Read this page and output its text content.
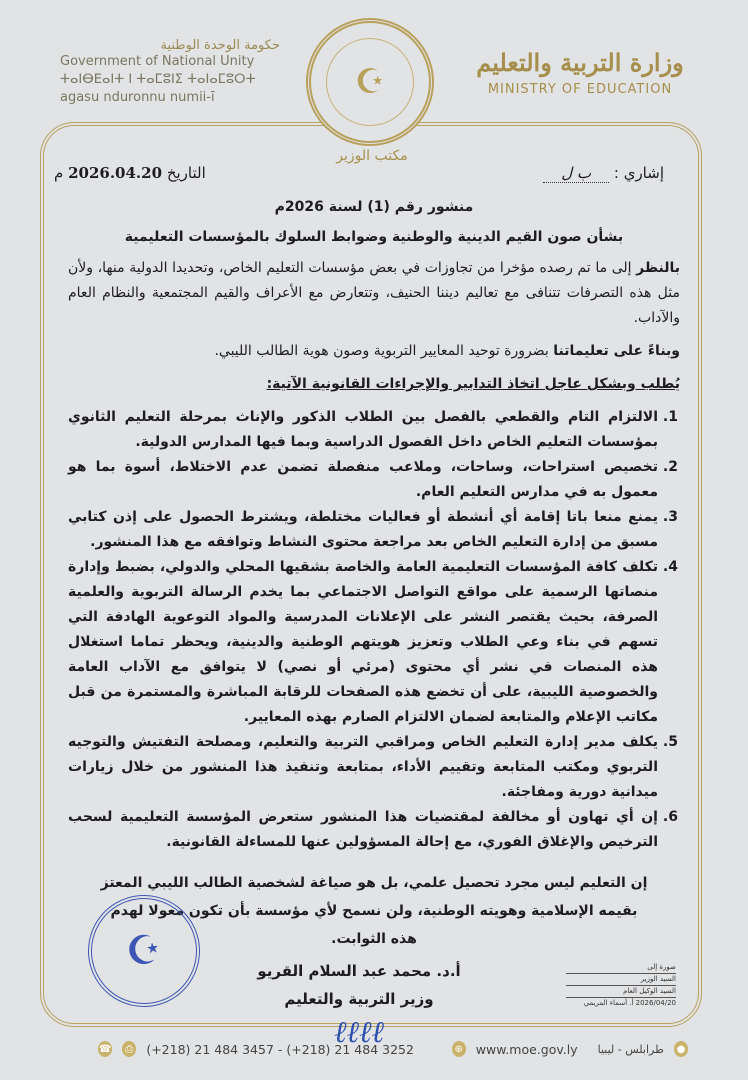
حكومة الوحدة الوطنية
Government of National Unity
ⵜⴰⵏⴱⴹⴰⵏⵜ ⵏ ⵜⴰⵎⵓⵏⵉ ⵜⴰⵏⴰⵎⵓⵔⵜ
agasu nduronnu numii-ī	☪
مكتب الوزير
وزارة التربية والتعليم
MINISTRY OF EDUCATION
إشاري : ب ل
التاريخ 2026.04.20 م
منشور رقم (1) لسنة 2026م
بشأن صون القيم الدينية والوطنية وضوابط السلوك بالمؤسسات التعليمية
بالنظر إلى ما تم رصده مؤخرا من تجاوزات في بعض مؤسسات التعليم الخاص، وتحديدا الدولية منها، ولأن مثل هذه التصرفات تتنافى مع تعاليم ديننا الحنيف، وتتعارض مع الأعراف والقيم المجتمعية والنظام العام والآداب.
وبناءً على تعليماتنا بضرورة توحيد المعايير التربوية وصون هوية الطالب الليبي.
يُطلب وبشكل عاجل اتخاذ التدابير والإجراءات القانونية الآتية:
1. الالتزام التام والقطعي بالفصل بين الطلاب الذكور والإناث بمرحلة التعليم الثانوي بمؤسسات التعليم الخاص داخل الفصول الدراسية وبما فيها المدارس الدولية.
2. تخصيص استراحات، وساحات، وملاعب منفصلة تضمن عدم الاختلاط، أسوة بما هو معمول به في مدارس التعليم العام.
3. يمنع منعا باتا إقامة أي أنشطة أو فعاليات مختلطة، ويشترط الحصول على إذن كتابي مسبق من إدارة التعليم الخاص بعد مراجعة محتوى النشاط وتوافقه مع هذا المنشور.
4. تكلف كافة المؤسسات التعليمية العامة والخاصة بشقيها المحلي والدولي، بضبط وإدارة منصاتها الرسمية على مواقع التواصل الاجتماعي بما يخدم الرسالة التربوية والعلمية الصرفة، بحيث يقتصر النشر على الإعلانات المدرسية والمواد التوعوية الهادفة التي تسهم في بناء وعي الطلاب وتعزيز هويتهم الوطنية والدينية، ويحظر تماما استغلال هذه المنصات في نشر أي محتوى (مرئي أو نصي) لا يتوافق مع الآداب العامة والخصوصية الليبية، على أن تخضع هذه الصفحات للرقابة المباشرة والمستمرة من قبل مكاتب الإعلام والمتابعة لضمان الالتزام الصارم بهذه المعايير.
5. يكلف مدير إدارة التعليم الخاص ومراقبي التربية والتعليم، ومصلحة التفتيش والتوجيه التربوي ومكتب المتابعة وتقييم الأداء، بمتابعة وتنفيذ هذا المنشور من خلال زيارات ميدانية دورية ومفاجئة.
6. إن أي تهاون أو مخالفة لمقتضيات هذا المنشور ستعرض المؤسسة التعليمية لسحب الترخيص والإغلاق الفوري، مع إحالة المسؤولين عنها للمساءلة القانونية.
إن التعليم ليس مجرد تحصيل علمي، بل هو صياغة لشخصية الطالب الليبي المعتز بقيمه الإسلامية وهويته الوطنية، ولن نسمح لأي مؤسسة بأن تكون معولا لهدم هذه الثوابت.
أ.د. محمد عبد السلام القريو
وزير التربية والتعليم
ℓℓℓℓ
☪	صورة إلى
السيد الوزير
السيد الوكيل العام
2026/04/20 أ. أسماء المريمي
☎	⎙ (+218) 21 484 3457 - (+218) 21 484 3252	⊕ www.moe.gov.ly طرابلس - ليبيا ●
